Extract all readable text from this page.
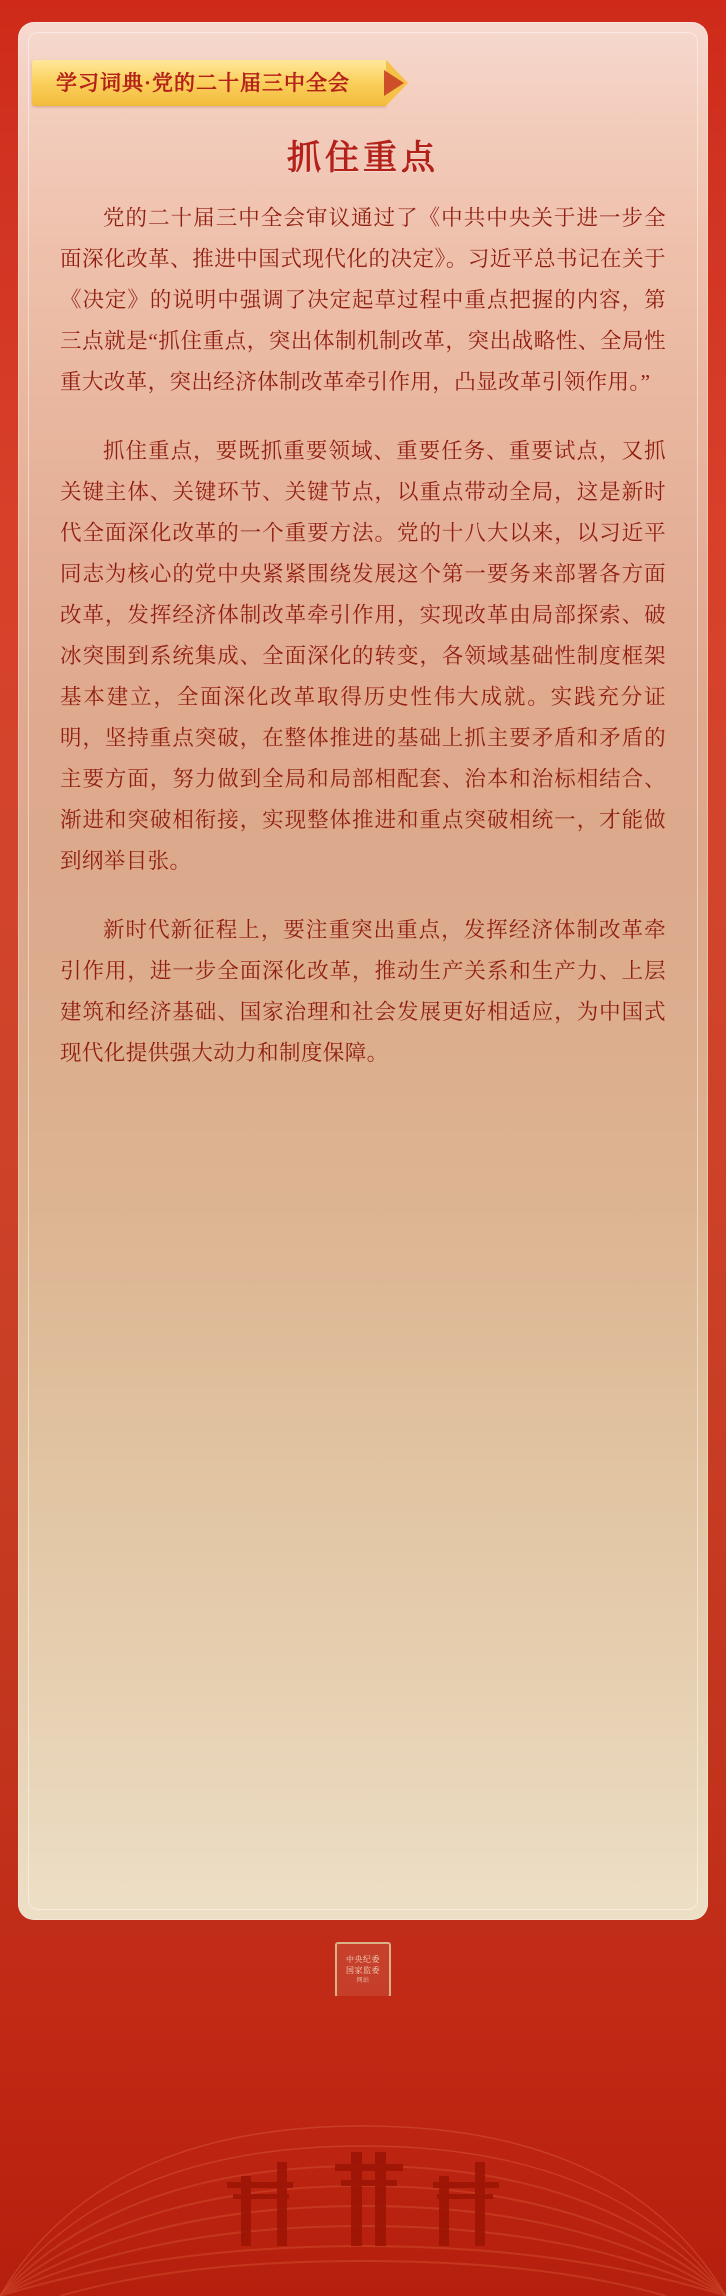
学习词典·党的二十届三中全会
抓住重点

党的二十届三中全会审议通过了《中共中央关于进一步全面深化改革、推进中国式现代化的决定》。习近平总书记在关于《决定》的说明中强调了决定起草过程中重点把握的内容，第三点就是“抓住重点，突出体制机制改革，突出战略性、全局性重大改革，突出经济体制改革牵引作用，凸显改革引领作用。”

抓住重点，要既抓重要领域、重要任务、重要试点，又抓关键主体、关键环节、关键节点，以重点带动全局，这是新时代全面深化改革的一个重要方法。党的十八大以来，以习近平同志为核心的党中央紧紧围绕发展这个第一要务来部署各方面改革，发挥经济体制改革牵引作用，实现改革由局部探索、破冰突围到系统集成、全面深化的转变，各领域基础性制度框架基本建立，全面深化改革取得历史性伟大成就。实践充分证明，坚持重点突破，在整体推进的基础上抓主要矛盾和矛盾的主要方面，努力做到全局和局部相配套、治本和治标相结合、渐进和突破相衔接，实现整体推进和重点突破相统一，才能做到纲举目张。

新时代新征程上，要注重突出重点，发挥经济体制改革牵引作用，进一步全面深化改革，推动生产关系和生产力、上层建筑和经济基础、国家治理和社会发展更好相适应，为中国式现代化提供强大动力和制度保障。

中央纪委
国家监委
网站
